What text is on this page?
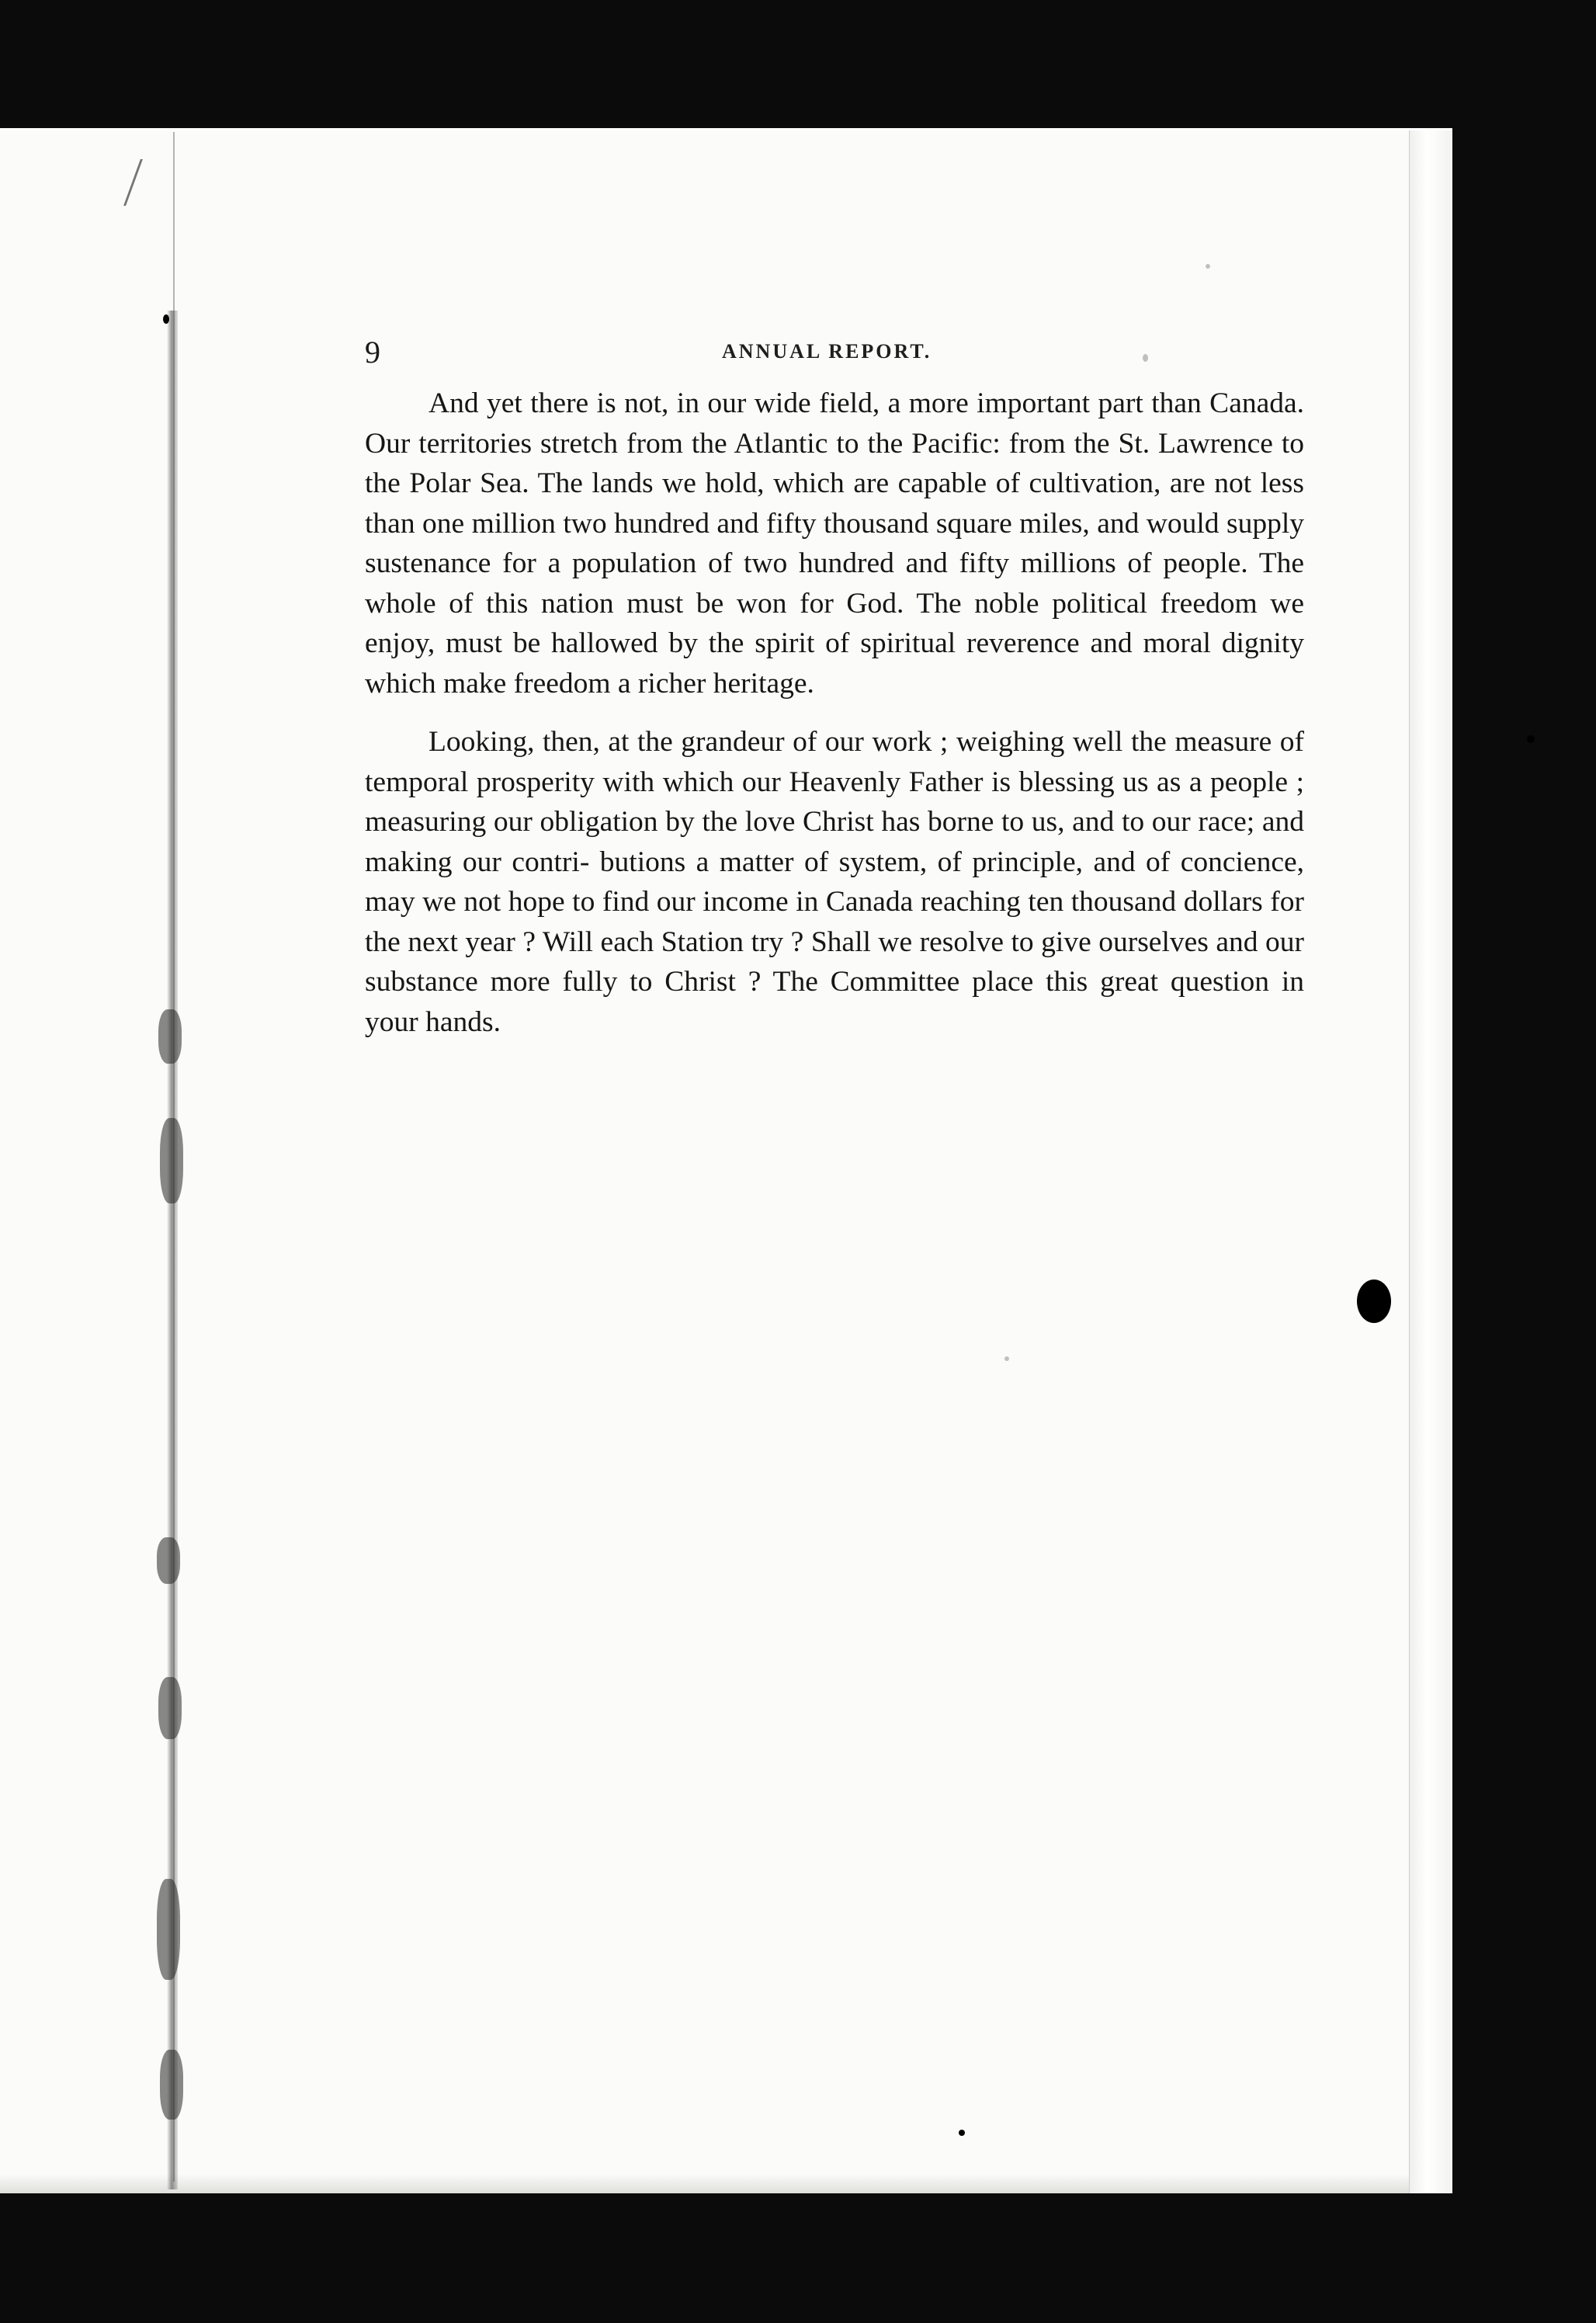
9	ANNUAL REPORT.

And yet there is not, in our wide field, a more important part than Canada. Our territories stretch from the Atlantic to the Pacific: from the St. Lawrence to the Polar Sea. The lands we hold, which are capable of cultivation, are not less than one million two hundred and fifty thousand square miles, and would supply sustenance for a population of two hundred and fifty millions of people. The whole of this nation must be won for God. The noble political freedom we enjoy, must be hallowed by the spirit of spiritual reverence and moral dignity which make freedom a richer heritage.

Looking, then, at the grandeur of our work ; weighing well the measure of temporal prosperity with which our Heavenly Father is blessing us as a people ; measuring our obligation by the love Christ has borne to us, and to our race; and making our contri- butions a matter of system, of principle, and of concience, may we not hope to find our income in Canada reaching ten thousand dollars for the next year ? Will each Station try ? Shall we resolve to give ourselves and our substance more fully to Christ ? The Committee place this great question in your hands.
